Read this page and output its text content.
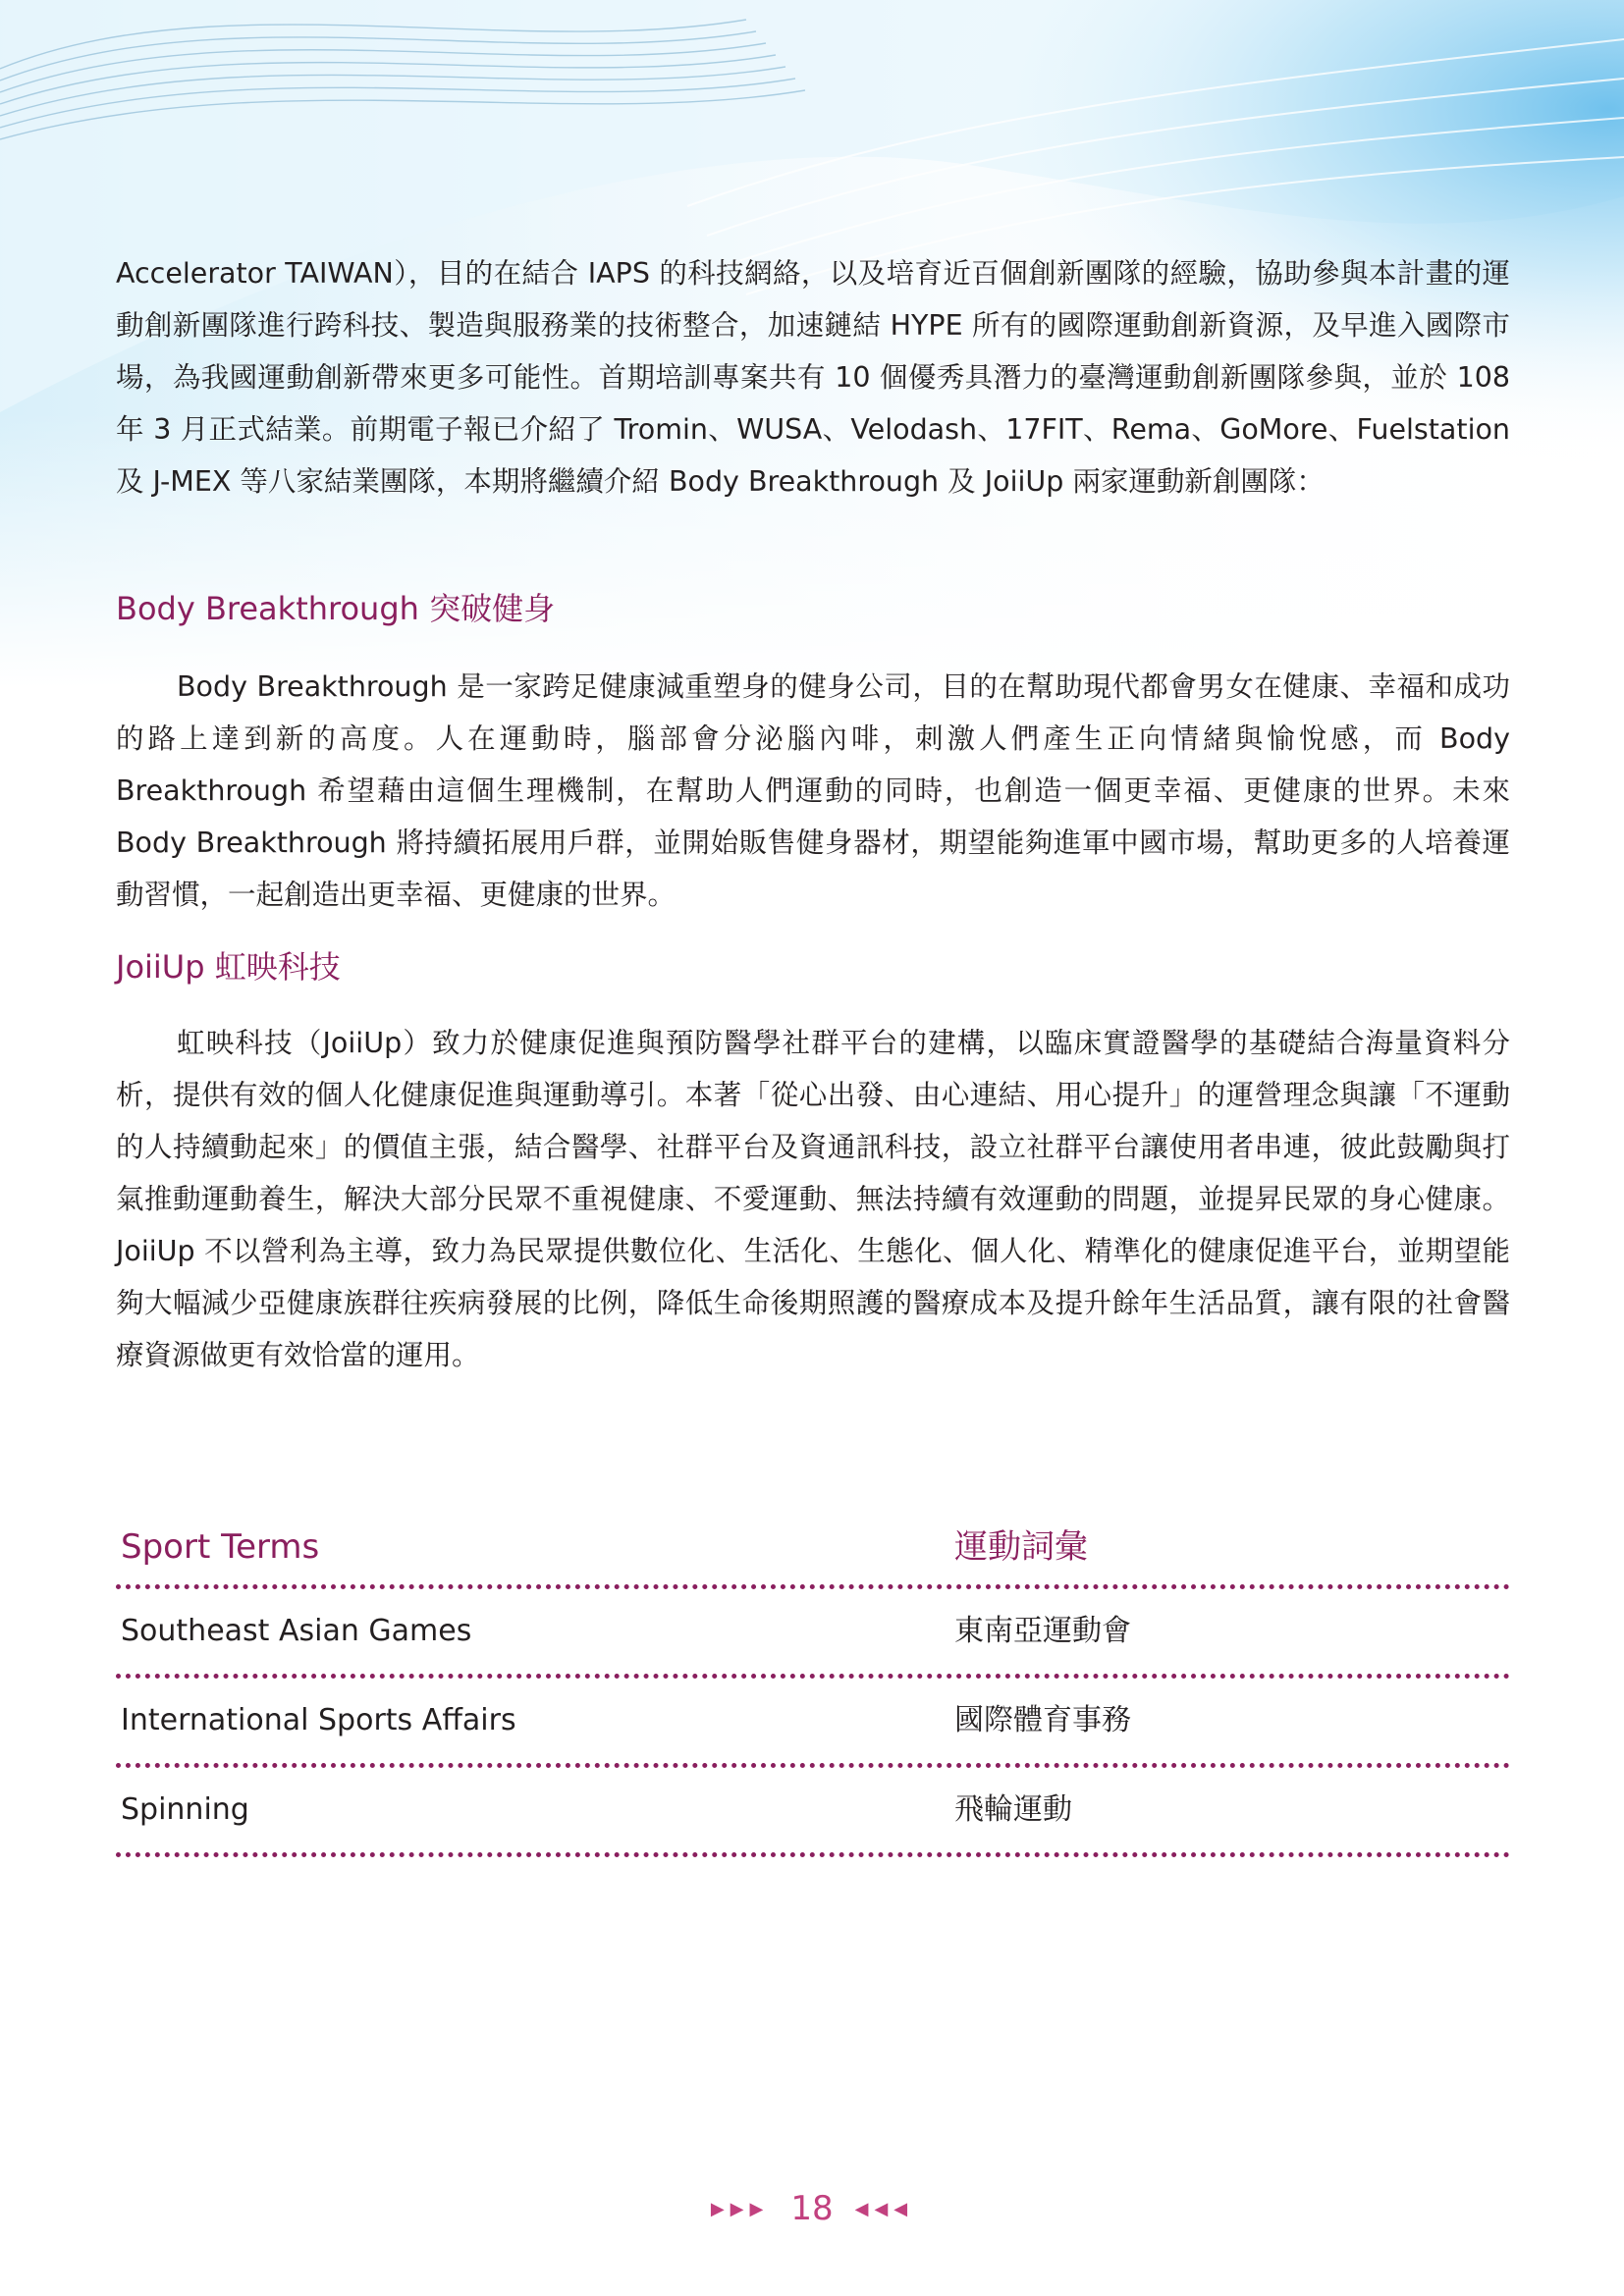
Accelerator TAIWAN），目的在結合 IAPS 的科技網絡，以及培育近百個創新團隊的經驗，協助參與本計畫的運動創新團隊進行跨科技、製造與服務業的技術整合，加速鏈結 HYPE 所有的國際運動創新資源，及早進入國際市場，為我國運動創新帶來更多可能性。首期培訓專案共有 10 個優秀具潛力的臺灣運動創新團隊參與，並於 108 年 3 月正式結業。前期電子報已介紹了 Tromin、WUSA、Velodash、17FIT、Rema、GoMore、Fuelstation 及 J-MEX 等八家結業團隊，本期將繼續介紹 Body Breakthrough 及 JoiiUp 兩家運動新創團隊：

Body Breakthrough 突破健身

Body Breakthrough 是一家跨足健康減重塑身的健身公司，目的在幫助現代都會男女在健康、幸福和成功的路上達到新的高度。人在運動時，腦部會分泌腦內啡，刺激人們產生正向情緒與愉悅感，而 Body Breakthrough 希望藉由這個生理機制，在幫助人們運動的同時，也創造一個更幸福、更健康的世界。未來 Body Breakthrough 將持續拓展用戶群，並開始販售健身器材，期望能夠進軍中國市場，幫助更多的人培養運動習慣，一起創造出更幸福、更健康的世界。

JoiiUp 虹映科技

虹映科技（JoiiUp）致力於健康促進與預防醫學社群平台的建構，以臨床實證醫學的基礎結合海量資料分析，提供有效的個人化健康促進與運動導引。本著「從心出發、由心連結、用心提升」的運營理念與讓「不運動的人持續動起來」的價值主張，結合醫學、社群平台及資通訊科技，設立社群平台讓使用者串連，彼此鼓勵與打氣推動運動養生，解決大部分民眾不重視健康、不愛運動、無法持續有效運動的問題，並提昇民眾的身心健康。JoiiUp 不以營利為主導，致力為民眾提供數位化、生活化、生態化、個人化、精準化的健康促進平台，並期望能夠大幅減少亞健康族群往疾病發展的比例，降低生命後期照護的醫療成本及提升餘年生活品質，讓有限的社會醫療資源做更有效恰當的運用。

Sport Terms	運動詞彙
Southeast Asian Games	東南亞運動會
International Sports Affairs	國際體育事務
Spinning	飛輪運動
▶▶▶ 18 ◀◀◀
